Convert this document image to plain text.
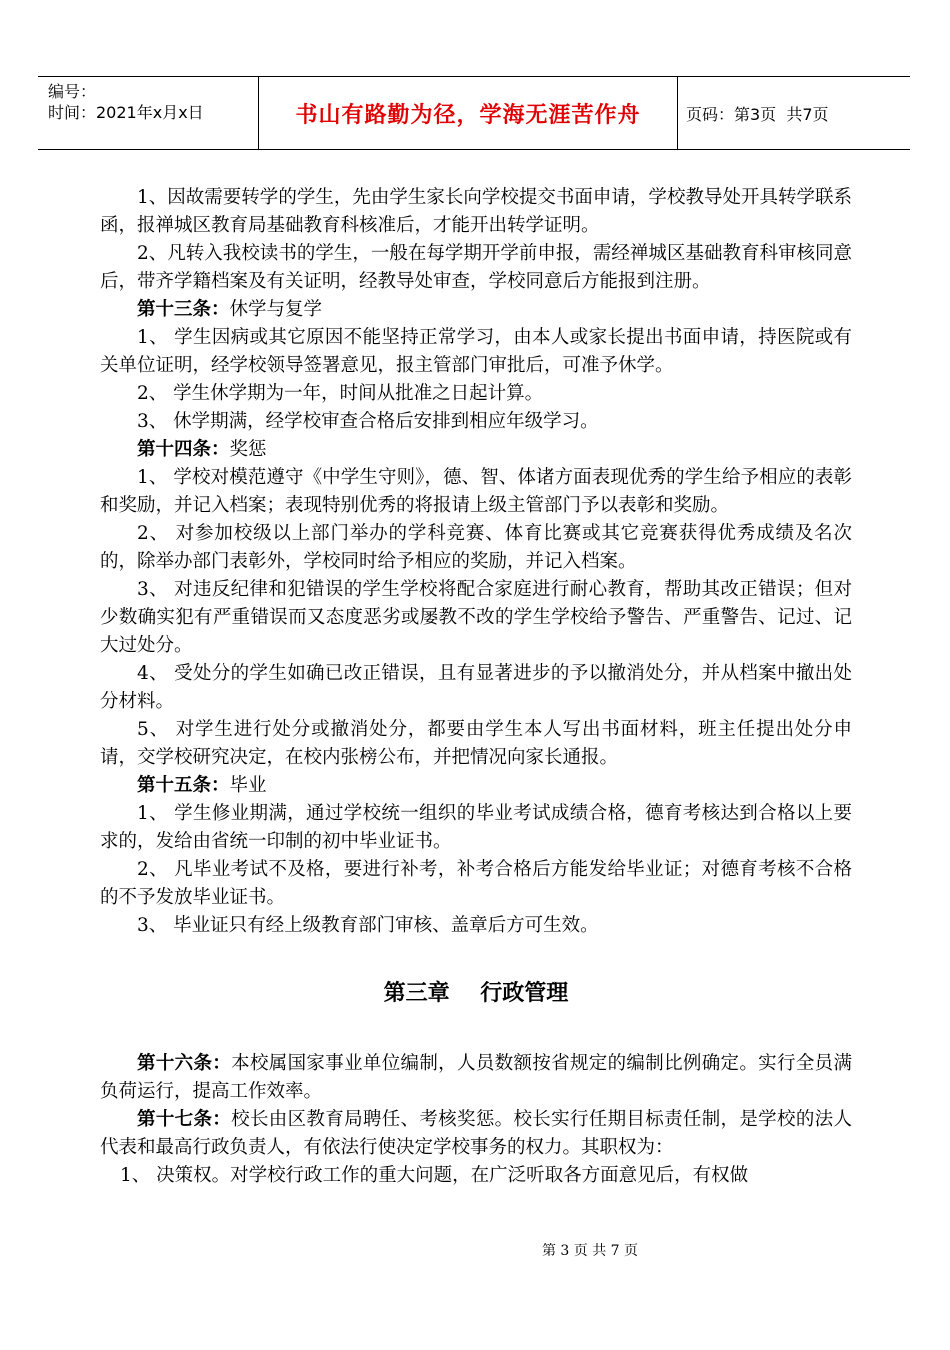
编号：
时间：2021年x月x日	书山有路勤为径，学海无涯苦作舟	页码：第3页  共7页

1、因故需要转学的学生，先由学生家长向学校提交书面申请，学校教导处开具转学联系函，报禅城区教育局基础教育科核准后，才能开出转学证明。

2、凡转入我校读书的学生，一般在每学期开学前申报，需经禅城区基础教育科审核同意后，带齐学籍档案及有关证明，经教导处审查，学校同意后方能报到注册。

第十三条：休学与复学

1、 学生因病或其它原因不能坚持正常学习，由本人或家长提出书面申请，持医院或有关单位证明，经学校领导签署意见，报主管部门审批后，可准予休学。

2、 学生休学期为一年，时间从批准之日起计算。

3、 休学期满，经学校审查合格后安排到相应年级学习。

第十四条：奖惩

1、 学校对模范遵守《中学生守则》，德、智、体诸方面表现优秀的学生给予相应的表彰和奖励，并记入档案；表现特别优秀的将报请上级主管部门予以表彰和奖励。

2、 对参加校级以上部门举办的学科竞赛、体育比赛或其它竞赛获得优秀成绩及名次的，除举办部门表彰外，学校同时给予相应的奖励，并记入档案。

3、 对违反纪律和犯错误的学生学校将配合家庭进行耐心教育，帮助其改正错误；但对少数确实犯有严重错误而又态度恶劣或屡教不改的学生学校给予警告、严重警告、记过、记大过处分。

4、 受处分的学生如确已改正错误，且有显著进步的予以撤消处分，并从档案中撤出处分材料。

5、 对学生进行处分或撤消处分，都要由学生本人写出书面材料，班主任提出处分申请，交学校研究决定，在校内张榜公布，并把情况向家长通报。

第十五条：毕业

1、 学生修业期满，通过学校统一组织的毕业考试成绩合格，德育考核达到合格以上要求的，发给由省统一印制的初中毕业证书。

2、 凡毕业考试不及格，要进行补考，补考合格后方能发给毕业证；对德育考核不合格的不予发放毕业证书。

3、 毕业证只有经上级教育部门审核、盖章后方可生效。

第三章    行政管理

第十六条：本校属国家事业单位编制，人员数额按省规定的编制比例确定。实行全员满负荷运行，提高工作效率。

第十七条：校长由区教育局聘任、考核奖惩。校长实行任期目标责任制，是学校的法人代表和最高行政负责人，有依法行使决定学校事务的权力。其职权为：

1、 决策权。对学校行政工作的重大问题，在广泛听取各方面意见后，有权做

第 3 页 共 7 页
